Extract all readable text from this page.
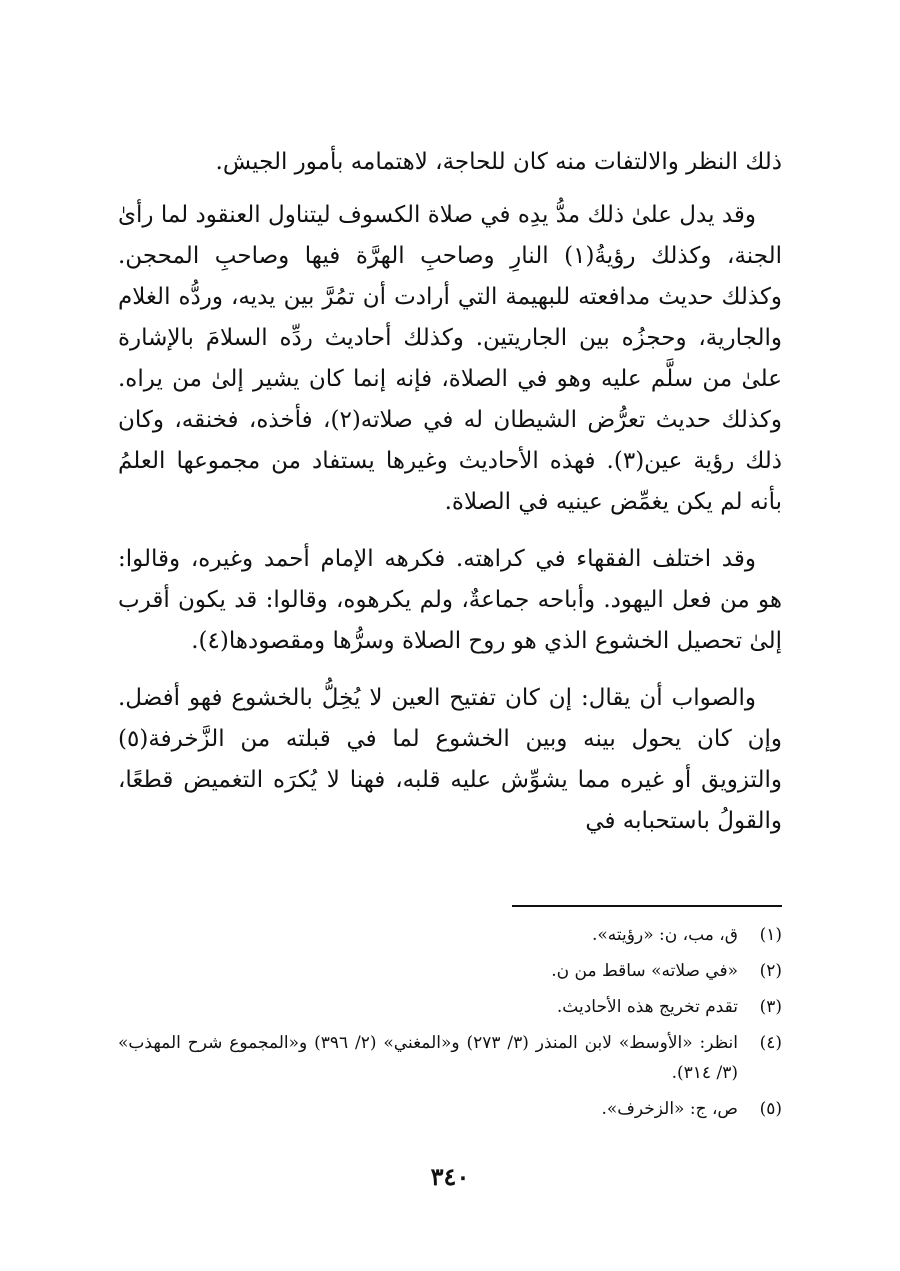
ذلك النظر والالتفات منه كان للحاجة، لاهتمامه بأمور الجيش.

وقد يدل علىٰ ذلك مدُّ يدِه في صلاة الكسوف ليتناول العنقود لما رأىٰ الجنة، وكذلك رؤيةُ(١) النارِ وصاحبِ الهرَّة فيها وصاحبِ المحجن. وكذلك حديث مدافعته للبهيمة التي أرادت أن تمُرَّ بين يديه، وردُّه الغلام والجارية، وحجزُه بين الجاريتين. وكذلك أحاديث ردِّه السلامَ بالإشارة علىٰ من سلَّم عليه وهو في الصلاة، فإنه إنما كان يشير إلىٰ من يراه. وكذلك حديث تعرُّض الشيطان له في صلاته(٢)، فأخذه، فخنقه، وكان ذلك رؤية عين(٣). فهذه الأحاديث وغيرها يستفاد من مجموعها العلمُ بأنه لم يكن يغمِّض عينيه في الصلاة.

وقد اختلف الفقهاء في كراهته. فكرهه الإمام أحمد وغيره، وقالوا: هو من فعل اليهود. وأباحه جماعةٌ، ولم يكرهوه، وقالوا: قد يكون أقرب إلىٰ تحصيل الخشوع الذي هو روح الصلاة وسرُّها ومقصودها(٤).

والصواب أن يقال: إن كان تفتيح العين لا يُخِلُّ بالخشوع فهو أفضل. وإن كان يحول بينه وبين الخشوع لما في قبلته من الزَّخرفة(٥) والتزويق أو غيره مما يشوِّش عليه قلبه، فهنا لا يُكرَه التغميض قطعًا، والقولُ باستحبابه في

(١)
ق، مب، ن: «رؤيته».
(٢)
«في صلاته» ساقط من ن.
(٣)
تقدم تخريج هذه الأحاديث.
(٤)
انظر: «الأوسط» لابن المنذر (٣/ ٢٧٣) و«المغني» (٢/ ٣٩٦) و«المجموع شرح المهذب» (٣/ ٣١٤).
(٥)
ص، ج: «الزخرف».
٣٤٠
